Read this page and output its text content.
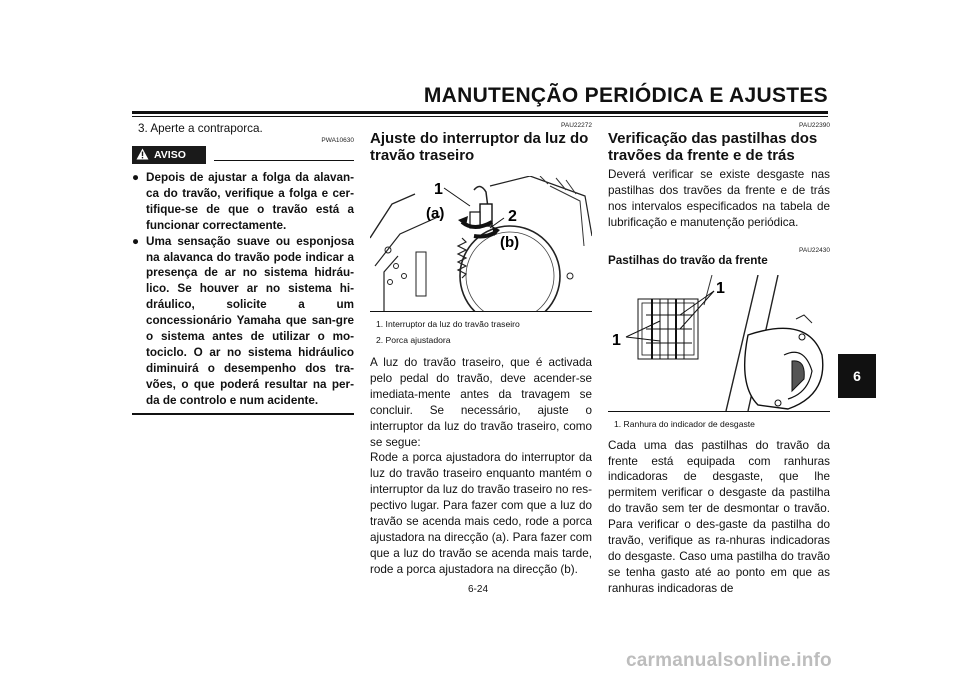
MANUTENÇÃO PERIÓDICA E AJUSTES
3. Aperte a contraporca.
PWA10630
AVISO
● Depois de ajustar a folga da alavan-ca do travão, verifique a folga e cer-tifique-se de que o travão está a funcionar correctamente.
● Uma sensação suave ou esponjosa na alavanca do travão pode indicar a presença de ar no sistema hidráu-lico. Se houver ar no sistema hi-dráulico, solicite a um concessionário Yamaha que san-gre o sistema antes de utilizar o mo-tociclo. O ar no sistema hidráulico diminuirá o desempenho dos tra-vões, o que poderá resultar na per-da de controlo e num acidente.
PAU22272
Ajuste do interruptor da luz do travão traseiro
1
(a)	2
(b)
1. Interruptor da luz do travão traseiro
2. Porca ajustadora
A luz do travão traseiro, que é activada pelo pedal do travão, deve acender-se imediata-mente antes da travagem se concluir. Se necessário, ajuste o interruptor da luz do travão traseiro, como se segue:
Rode a porca ajustadora do interruptor da luz do travão traseiro enquanto mantém o interruptor da luz do travão traseiro no res-pectivo lugar. Para fazer com que a luz do travão se acenda mais cedo, rode a porca ajustadora na direcção (a). Para fazer com que a luz do travão se acenda mais tarde, rode a porca ajustadora na direcção (b).
PAU22390
Verificação das pastilhas dos travões da frente e de trás
Deverá verificar se existe desgaste nas pastilhas dos travões da frente e de trás nos intervalos especificados na tabela de lubrificação e manutenção periódica.
PAU22430
Pastilhas do travão da frente
1
1
1. Ranhura do indicador de desgaste
Cada uma das pastilhas do travão da frente está equipada com ranhuras indicadoras de desgaste, que lhe permitem verificar o desgaste da pastilha do travão sem ter de desmontar o travão. Para verificar o des-gaste da pastilha do travão, verifique as ra-nhuras indicadoras do desgaste. Caso uma pastilha do travão se tenha gasto até ao ponto em que as ranhuras indicadoras de
6
6-24
carmanualsonline.info
